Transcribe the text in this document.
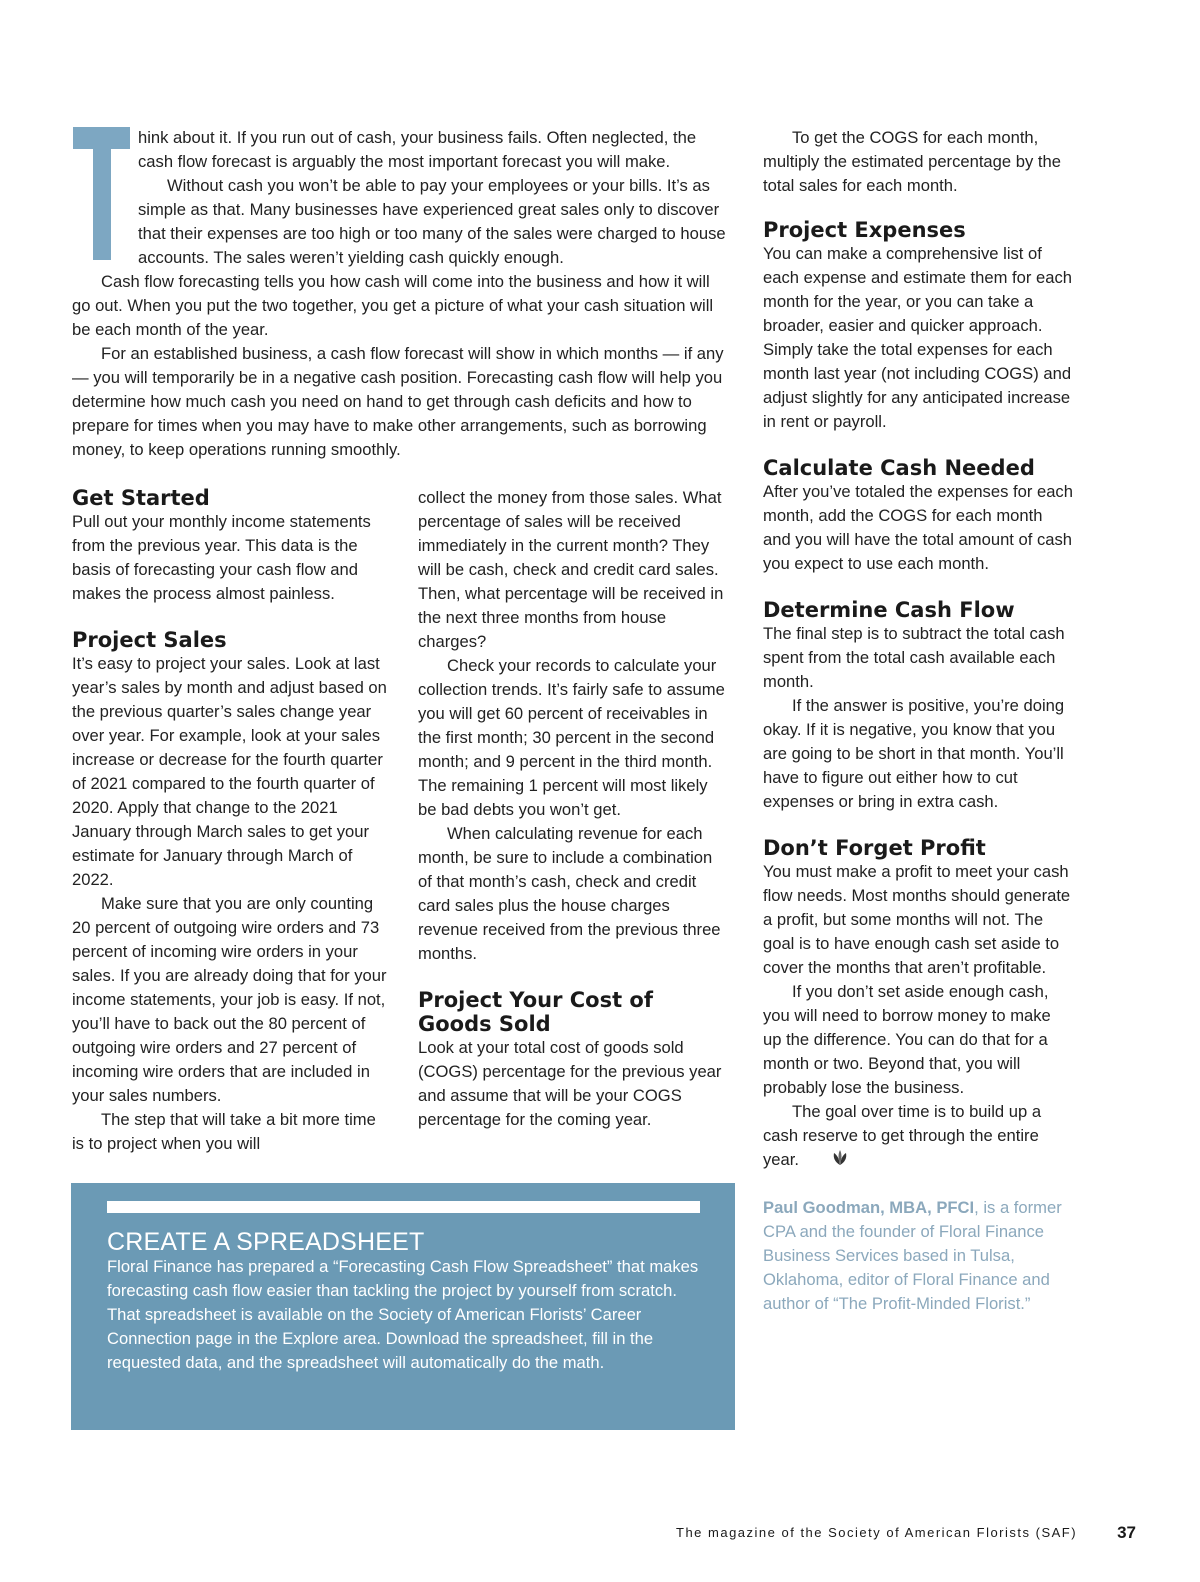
hink about it. If you run out of cash, your business fails. Often neglected, the cash flow forecast is arguably the most important forecast you will make.

Without cash you won’t be able to pay your employees or your bills. It’s as simple as that. Many businesses have experienced great sales only to discover that their expenses are too high or too many of the sales were charged to house accounts. The sales weren’t yielding cash quickly enough.

Cash flow forecasting tells you how cash will come into the business and how it will go out. When you put the two together, you get a picture of what your cash situation will be each month of the year.

For an established business, a cash flow forecast will show in which months — if any — you will temporarily be in a negative cash position. Forecasting cash flow will help you determine how much cash you need on hand to get through cash deficits and how to prepare for times when you may have to make other arrangements, such as borrowing money, to keep operations running smoothly.

Get Started

Pull out your monthly income statements from the previous year. This data is the basis of forecasting your cash flow and makes the process almost painless.

Project Sales

It’s easy to project your sales. Look at last year’s sales by month and adjust based on the previous quarter’s sales change year over year. For example, look at your sales increase or decrease for the fourth quarter of 2021 compared to the fourth quarter of 2020. Apply that change to the 2021 January through March sales to get your estimate for January through March of 2022.

Make sure that you are only counting 20 percent of outgoing wire orders and 73 percent of incoming wire orders in your sales. If you are already doing that for your income statements, your job is easy. If not, you’ll have to back out the 80 percent of outgoing wire orders and 27 percent of incoming wire orders that are included in your sales numbers.

The step that will take a bit more time is to project when you will

collect the money from those sales. What percentage of sales will be received immediately in the current month? They will be cash, check and credit card sales. Then, what percentage will be received in the next three months from house charges?

Check your records to calculate your collection trends. It’s fairly safe to assume you will get 60 percent of receivables in the first month; 30 percent in the second month; and 9 percent in the third month. The remaining 1 percent will most likely be bad debts you won’t get.

When calculating revenue for each month, be sure to include a combination of that month’s cash, check and credit card sales plus the house charges revenue received from the previous three months.

Project Your Cost of Goods Sold

Look at your total cost of goods sold (COGS) percentage for the previous year and assume that will be your COGS percentage for the coming year.

To get the COGS for each month, multiply the estimated percentage by the total sales for each month.

Project Expenses

You can make a comprehensive list of each expense and estimate them for each month for the year, or you can take a broader, easier and quicker approach. Simply take the total expenses for each month last year (not including COGS) and adjust slightly for any anticipated increase in rent or payroll.

Calculate Cash Needed

After you’ve totaled the expenses for each month, add the COGS for each month and you will have the total amount of cash you expect to use each month.

Determine Cash Flow

The final step is to subtract the total cash spent from the total cash available each month.

If the answer is positive, you’re doing okay. If it is negative, you know that you are going to be short in that month. You’ll have to figure out either how to cut expenses or bring in extra cash.

Don’t Forget Profit

You must make a profit to meet your cash flow needs. Most months should generate a profit, but some months will not. The goal is to have enough cash set aside to cover the months that aren’t profitable.

If you don’t set aside enough cash, you will need to borrow money to make up the difference. You can do that for a month or two. Beyond that, you will probably lose the business.

The goal over time is to build up a cash reserve to get through the entire year.

Paul Goodman, MBA, PFCI, is a former CPA and the founder of Floral Finance Business Services based in Tulsa, Oklahoma, editor of Floral Finance and author of “The Profit-Minded Florist.”

CREATE A SPREADSHEET
Floral Finance has prepared a “Forecasting Cash Flow Spreadsheet” that makes forecasting cash flow easier than tackling the project by yourself from scratch. That spreadsheet is available on the Society of American Florists’ Career Connection page in the Explore area. Download the spreadsheet, fill in the requested data, and the spreadsheet will automatically do the math.
The magazine of the Society of American Florists (SAF) 37
